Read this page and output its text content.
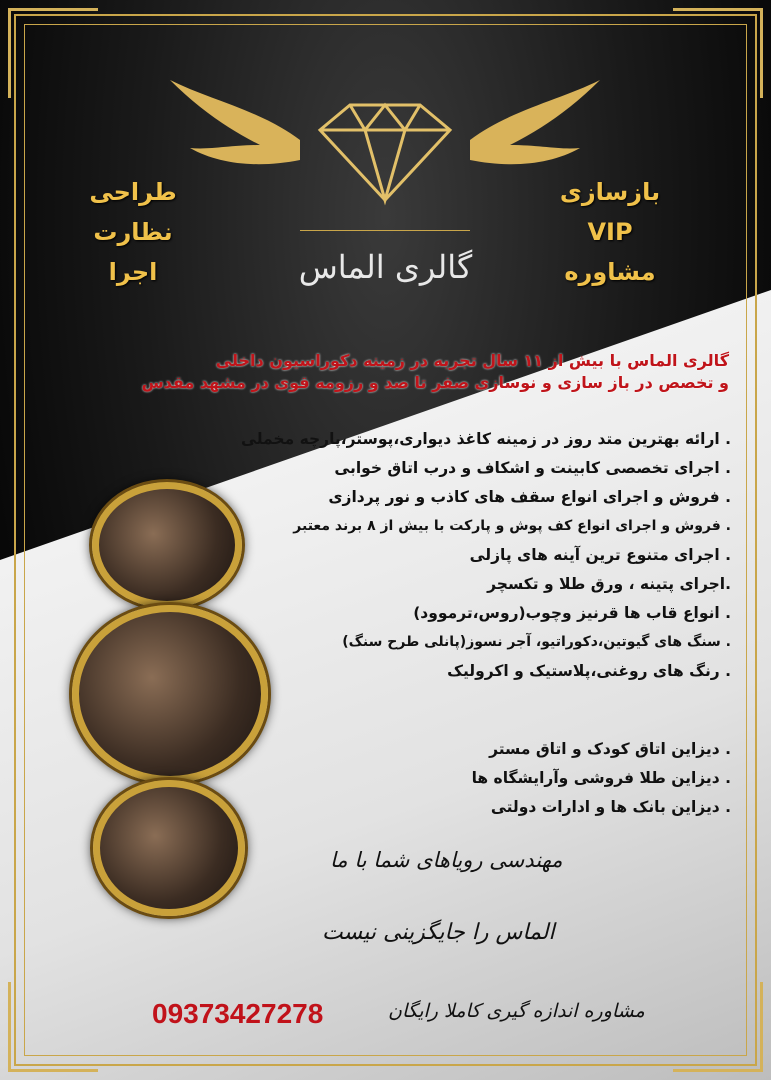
گالری الماس
طراحی
نظارت
اجرا
بازسازی
VIP
مشاوره
گالری الماس با بیش از ۱۱ سال تجربه در زمینه دکوراسیون داخلی
و تخصص در باز سازی و نوسازی صفر تا صد و رزومه قوی در مشهد مقدس
. ارائه بهترین متد روز در زمینه کاغذ دیواری،پوستر،پارچه مخملی
. اجرای تخصصی کابینت و اشکاف و درب اتاق خوابی
. فروش و اجرای انواع سقف های کاذب و نور پردازی
. فروش و اجرای انواع کف پوش و پارکت با بیش از ۸ برند معتبر
. اجرای متنوع ترین آینه های پازلی
.اجرای پتینه ، ورق طلا و تکسچر
. انواع قاب ها قرنیز وچوب(روس،ترموود)
. سنگ های گیوتین،دکوراتیو، آجر نسوز(پانلی طرح سنگ)
. رنگ های روغنی،پلاستیک و اکرولیک
. دیزاین اتاق کودک و اتاق مستر
. دیزاین طلا فروشی وآرایشگاه ها
. دیزاین بانک ها و ادارات دولتی
مهندسی رویاهای شما با ما
الماس را جایگزینی نیست
مشاوره اندازه گیری کاملا رایگان
09373427278
